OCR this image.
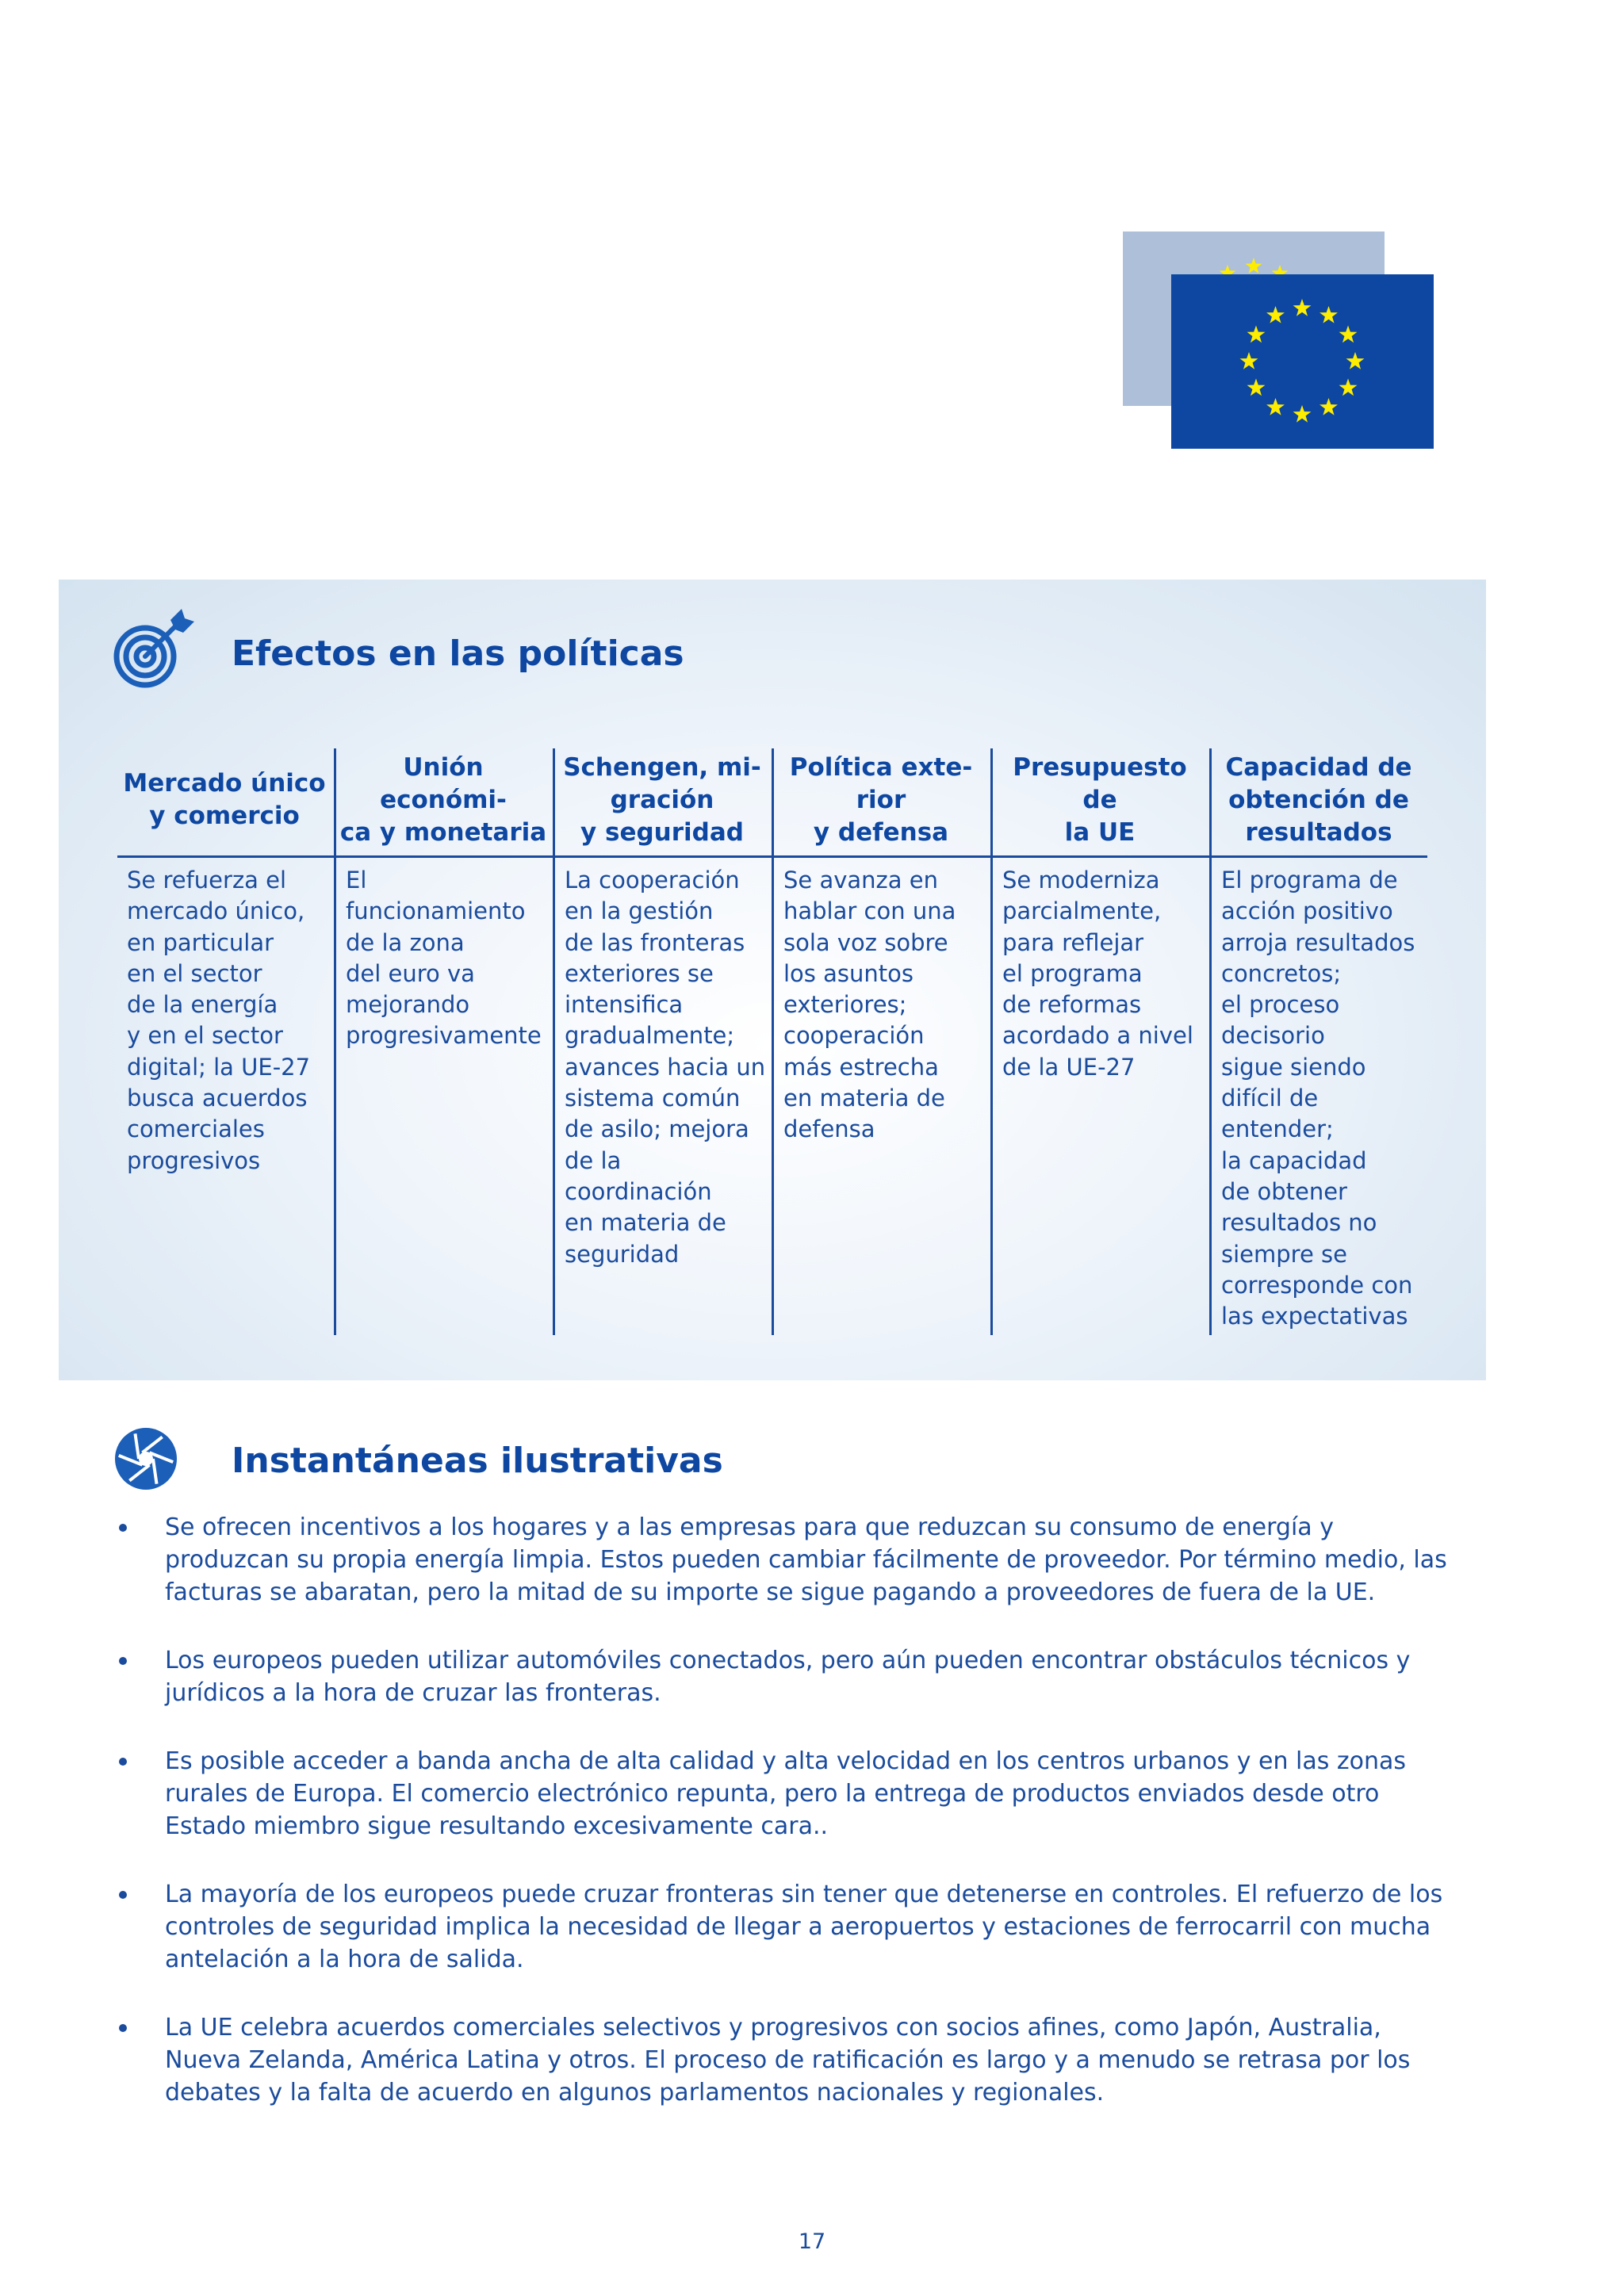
Efectos en las políticas
Mercado único
y comercio
Unión económi-
ca y monetaria
Schengen, mi-
gración
y seguridad
Política exte-
rior
y defensa
Presupuesto de
la UE
Capacidad de
obtención de
resultados
Se refuerza el
mercado único,
en particular
en el sector
de la energía
y en el sector
digital; la UE-27
busca acuerdos
comerciales
progresivos
El funcionamiento
de la zona
del euro va
mejorando
progresivamente
La cooperación
en la gestión
de las fronteras
exteriores se
intensifica
gradualmente;
avances hacia un
sistema común
de asilo; mejora
de la coordinación
en materia de
seguridad
Se avanza en
hablar con una
sola voz sobre
los asuntos
exteriores;
cooperación
más estrecha
en materia de
defensa
Se moderniza
parcialmente,
para reflejar
el programa
de reformas
acordado a nivel
de la UE-27
El programa de
acción positivo
arroja resultados
concretos;
el proceso
decisorio
sigue siendo
difícil de entender;
la capacidad
de obtener
resultados no
siempre se
corresponde con
las expectativas
Instantáneas ilustrativas
Se ofrecen incentivos a los hogares y a las empresas para que reduzcan su consumo de energía y produzcan su propia energía limpia. Estos pueden cambiar fácilmente de proveedor. Por término medio, las facturas se abaratan, pero la mitad de su importe se sigue pagando a proveedores de fuera de la UE.
Los europeos pueden utilizar automóviles conectados, pero aún pueden encontrar obstáculos técnicos y jurídicos a la hora de cruzar las fronteras.
Es posible acceder a banda ancha de alta calidad y alta velocidad en los centros urbanos y en las zonas rurales de Europa. El comercio electrónico repunta, pero la entrega de productos enviados desde otro Estado miembro sigue resultando excesivamente cara..
La mayoría de los europeos puede cruzar fronteras sin tener que detenerse en controles. El refuerzo de los controles de seguridad implica la necesidad de llegar a aeropuertos y estaciones de ferrocarril con mucha antelación a la hora de salida.
La UE celebra acuerdos comerciales selectivos y progresivos con socios afines, como Japón, Australia, Nueva Zelanda, América Latina y otros. El proceso de ratificación es largo y a menudo se retrasa por los debates y la falta de acuerdo en algunos parlamentos nacionales y regionales.
17
